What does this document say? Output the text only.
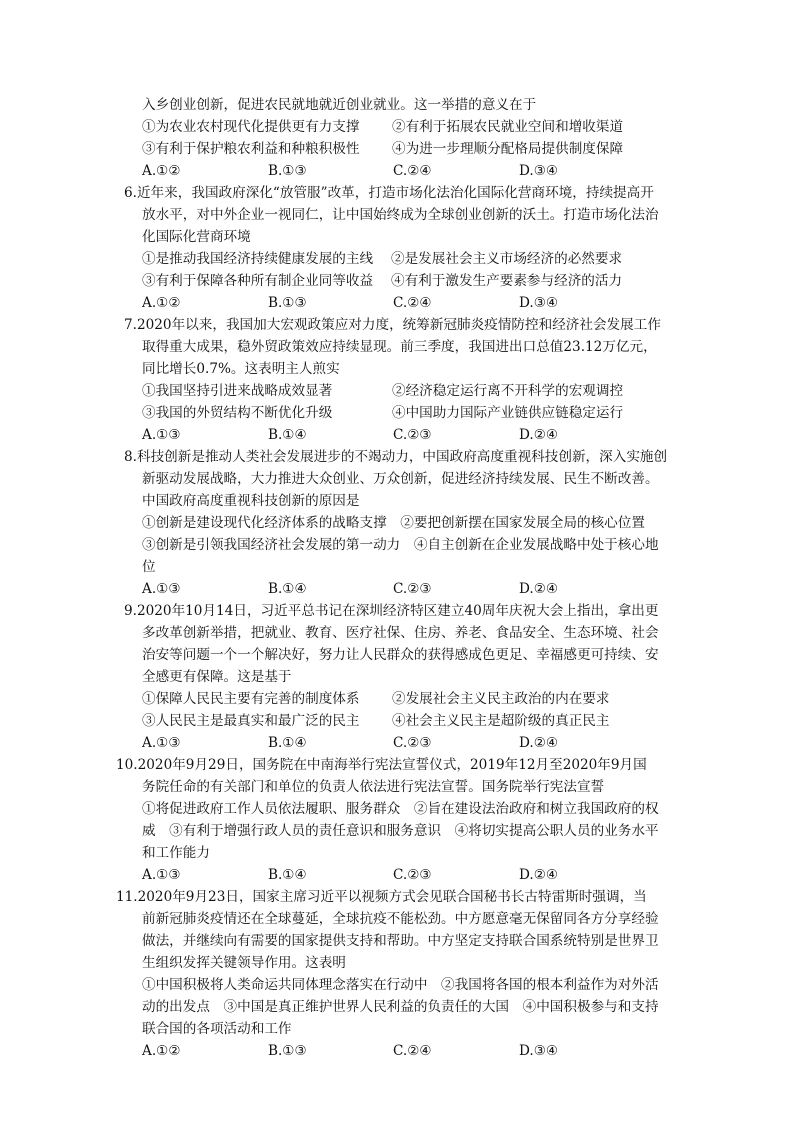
入乡创业创新，促进农民就地就近创业就业。这一举措的意义在于
①为农业农村现代化提供更有力支撑 ②有利于拓展农民就业空间和增收渠道
③有利于保护粮农利益和种粮积极性 ④为进一步理顺分配格局提供制度保障
A.①②	B.①③	C.②④	D.③④
6.近年来，我国政府深化“放管服”改革，打造市场化法治化国际化营商环境，持续提高开
放水平，对中外企业一视同仁，让中国始终成为全球创业创新的沃土。打造市场化法治
化国际化营商环境
①是推动我国经济持续健康发展的主线 ②是发展社会主义市场经济的必然要求
③有利于保障各种所有制企业同等收益 ④有利于激发生产要素参与经济的活力
A.①②	B.①③	C.②④	D.③④
7.2020年以来，我国加大宏观政策应对力度，统筹新冠肺炎疫情防控和经济社会发展工作
取得重大成果，稳外贸政策效应持续显现。前三季度，我国进出口总值23.12万亿元，
同比增长0.7%。这表明主人煎实
①我国坚持引进来战略成效显著	②经济稳定运行离不开科学的宏观调控
③我国的外贸结构不断优化升级	④中国助力国际产业链供应链稳定运行
A.①③	B.①④	C.②③	D.②④
8.科技创新是推动人类社会发展进步的不竭动力，中国政府高度重视科技创新，深入实施创
新驱动发展战略，大力推进大众创业、万众创新，促进经济持续发展、民生不断改善。
中国政府高度重视科技创新的原因是
①创新是建设现代化经济体系的战略支撑　②要把创新摆在国家发展全局的核心位置
③创新是引领我国经济社会发展的第一动力　④自主创新在企业发展战略中处于核心地
位
A.①③	B.①④	C.②③	D.②④
9.2020年10月14日，习近平总书记在深圳经济特区建立40周年庆祝大会上指出，拿出更
多改革创新举措，把就业、教育、医疗社保、住房、养老、食品安全、生态环境、社会
治安等问题一个一个解决好，努力让人民群众的获得感成色更足、幸福感更可持续、安
全感更有保障。这是基于
①保障人民民主要有完善的制度体系 ②发展社会主义民主政治的内在要求
③人民民主是最真实和最广泛的民主 ④社会主义民主是超阶级的真正民主
A.①③	B.①④	C.②③	D.②④
10.2020年9月29日，国务院在中南海举行宪法宣誓仪式，2019年12月至2020年9月国
务院任命的有关部门和单位的负责人依法进行宪法宣誓。国务院举行宪法宣誓
①将促进政府工作人员依法履职、服务群众　②旨在建设法治政府和树立我国政府的权
威　③有利于增强行政人员的责任意识和服务意识　④将切实提高公职人员的业务水平
和工作能力
A.①③	B.①④	C.②③	D.②④
11.2020年9月23日，国家主席习近平以视频方式会见联合国秘书长古特雷斯时强调，当
前新冠肺炎疫情还在全球蔓延，全球抗疫不能松劲。中方愿意毫无保留同各方分享经验
做法，并继续向有需要的国家提供支持和帮助。中方坚定支持联合国系统特别是世界卫
生组织发挥关键领导作用。这表明
①中国积极将人类命运共同体理念落实在行动中　②我国将各国的根本利益作为对外活
动的出发点　③中国是真正维护世界人民利益的负责任的大国　④中国积极参与和支持
联合国的各项活动和工作
A.①②	B.①③	C.②④	D.③④
